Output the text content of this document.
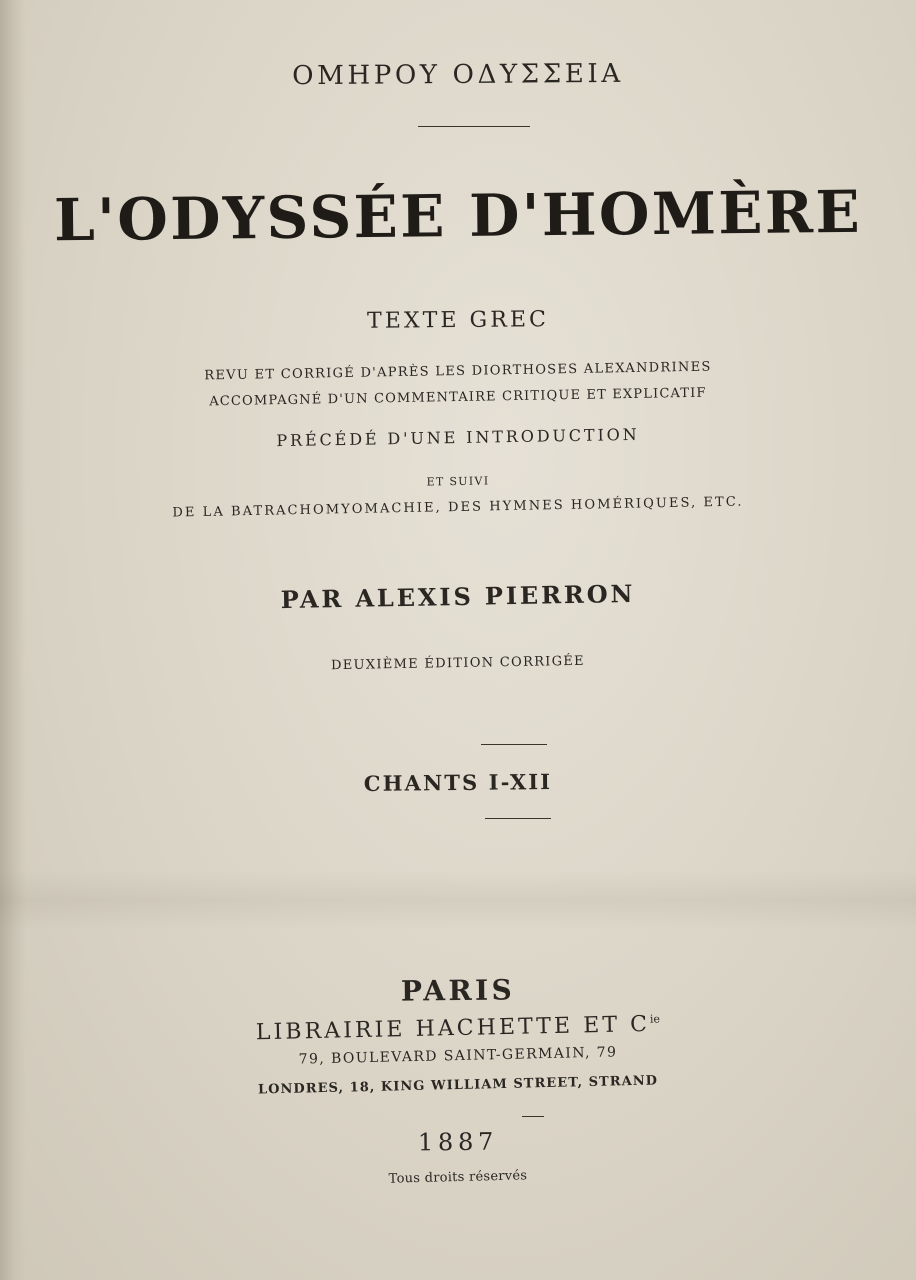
ΟΜΗΡΟΥ ΟΔΥΣΣΕΙΑ
L'ODYSSÉE D'HOMÈRE
TEXTE GREC
REVU ET CORRIGÉ D'APRÈS LES DIORTHOSES ALEXANDRINES
ACCOMPAGNÉ D'UN COMMENTAIRE CRITIQUE ET EXPLICATIF
PRÉCÉDÉ D'UNE INTRODUCTION
ET SUIVI
DE LA BATRACHOMYOMACHIE, DES HYMNES HOMÉRIQUES, ETC.
PAR ALEXIS PIERRON
DEUXIÈME ÉDITION CORRIGÉE
CHANTS I-XII
PARIS
LIBRAIRIE HACHETTE ET $C^{ie}$
79, BOULEVARD SAINT-GERMAIN, 79
LONDRES, 18, KING WILLIAM STREET, STRAND
1887
Tous droits réservés
